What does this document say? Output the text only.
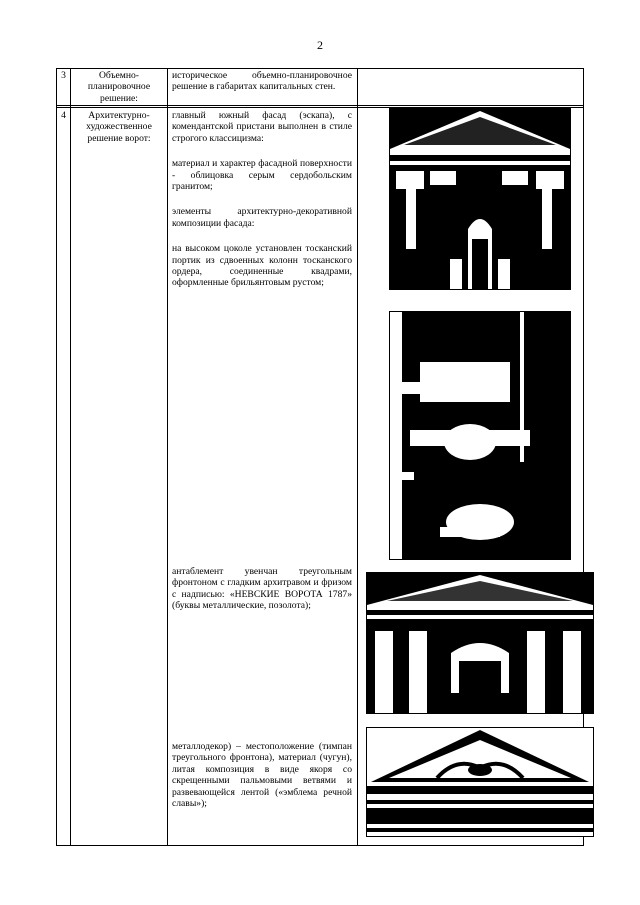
2
3	Объемно-планировочное решение:

историческое объемно-планировочное решение в габаритах капитальных стен.

4	Архитектурно-художественное решение ворот:

главный южный фасад (эскапа), с комендантской пристани выполнен в стиле строгого классицизма:

материал и характер фасадной поверхности - облицовка серым сердобольским гранитом;

элементы архитектурно-декоративной композиции фасада:

на высоком цоколе установлен тосканский портик из сдвоенных колонн тосканского ордера, соединенные квадрами, оформленные брильянтовым рустом;

антаблемент увенчан треугольным фронтоном с гладким архитравом и фризом с надписью: «НЕВСКИЕ ВОРОТА 1787» (буквы металлические, позолота);
металлодекор) – местоположение (тимпан треугольного фронтона), материал (чугун), литая композиция в виде якоря со скрещенными пальмовыми ветвями и развевающейся лентой («эмблема речной славы»);
